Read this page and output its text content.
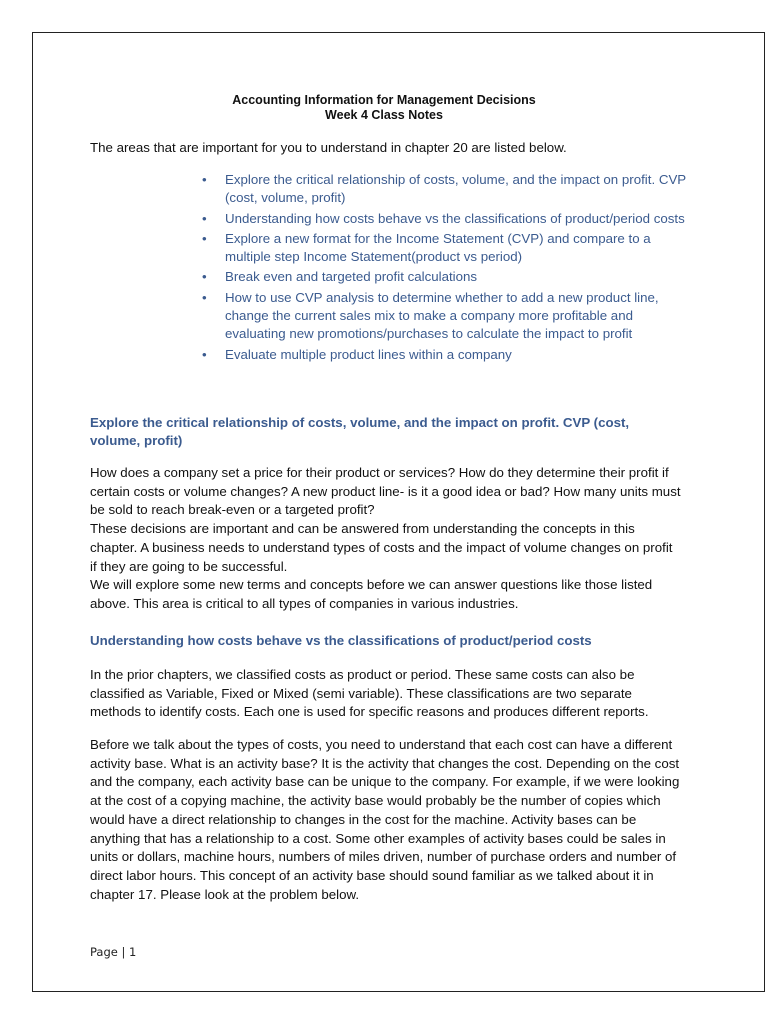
Accounting Information for Management Decisions
Week 4 Class Notes

The areas that are important for you to understand in chapter 20 are listed below.

• Explore the critical relationship of costs, volume, and the impact on profit. CVP (cost, volume, profit)
• Understanding how costs behave vs the classifications of product/period costs
• Explore a new format for the Income Statement (CVP) and compare to a multiple step Income Statement(product vs period)
• Break even and targeted profit calculations
• How to use CVP analysis to determine whether to add a new product line, change the current sales mix to make a company more profitable and evaluating new promotions/purchases to calculate the impact to profit
• Evaluate multiple product lines within a company
Explore the critical relationship of costs, volume, and the impact on profit. CVP (cost, volume, profit)
How does a company set a price for their product or services? How do they determine their profit if certain costs or volume changes? A new product line- is it a good idea or bad? How many units must be sold to reach break-even or a targeted profit?
These decisions are important and can be answered from understanding the concepts in this chapter. A business needs to understand types of costs and the impact of volume changes on profit if they are going to be successful.
We will explore some new terms and concepts before we can answer questions like those listed above. This area is critical to all types of companies in various industries.
Understanding how costs behave vs the classifications of product/period costs

In the prior chapters, we classified costs as product or period. These same costs can also be classified as Variable, Fixed or Mixed (semi variable). These classifications are two separate methods to identify costs. Each one is used for specific reasons and produces different reports.

Before we talk about the types of costs, you need to understand that each cost can have a different activity base. What is an activity base? It is the activity that changes the cost. Depending on the cost and the company, each activity base can be unique to the company. For example, if we were looking at the cost of a copying machine, the activity base would probably be the number of copies which would have a direct relationship to changes in the cost for the machine. Activity bases can be anything that has a relationship to a cost. Some other examples of activity bases could be sales in units or dollars, machine hours, numbers of miles driven, number of purchase orders and number of direct labor hours. This concept of an activity base should sound familiar as we talked about it in chapter 17. Please look at the problem below.

Page | 1
